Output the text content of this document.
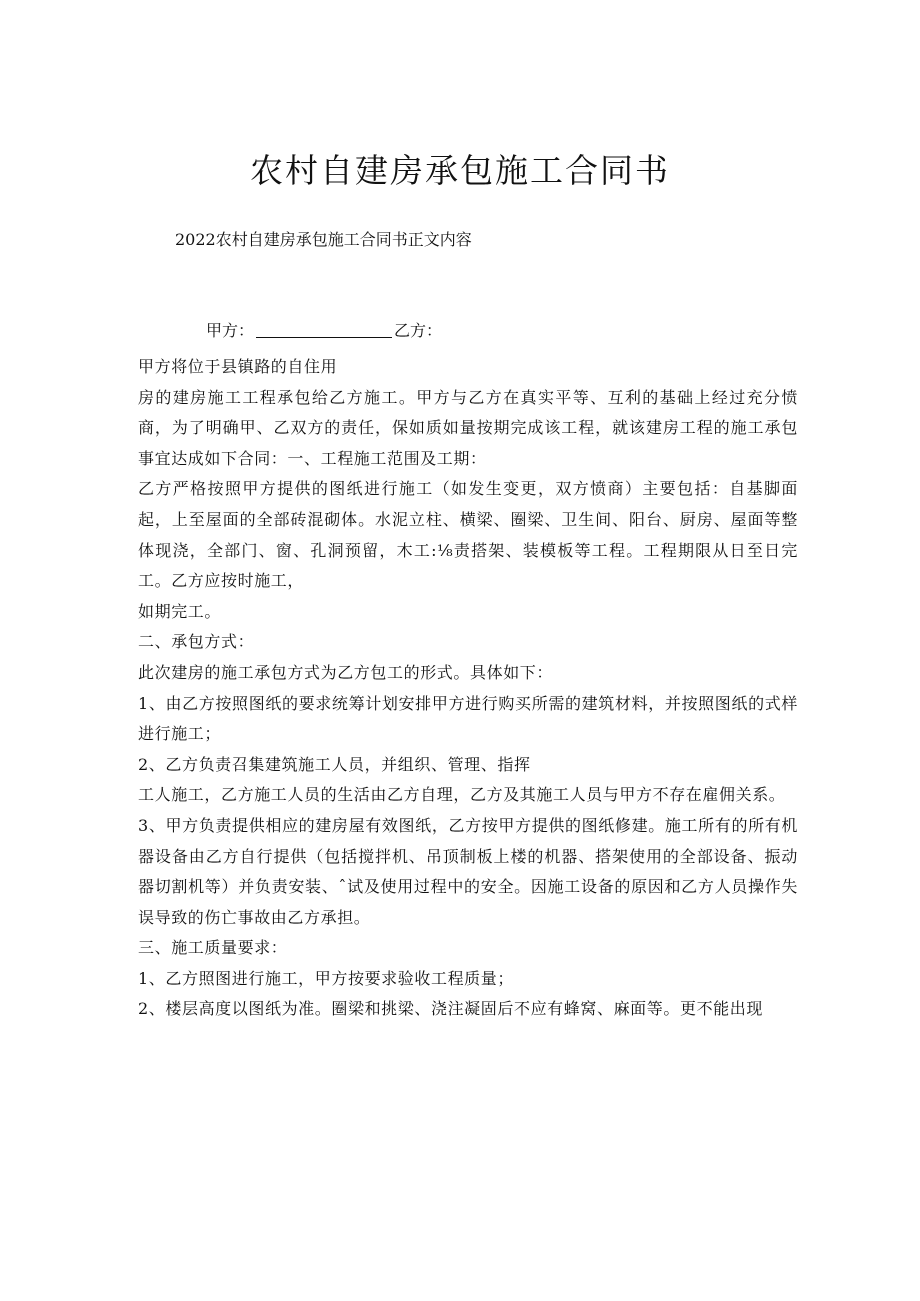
农村自建房承包施工合同书
2022农村自建房承包施工合同书正文内容
甲方：	乙方：

甲方将位于县镇路的自住用

房的建房施工工程承包给乙方施工。甲方与乙方在真实平等、互利的基础上经过充分愤商，为了明确甲、乙双方的责任，保如质如量按期完成该工程，就该建房工程的施工承包事宜达成如下合同：一、工程施工范围及工期：

乙方严格按照甲方提供的图纸进行施工（如发生变更，双方愤商）主要包括：自基脚面起，上至屋面的全部砖混砌体。水泥立柱、横梁、圈梁、卫生间、阳台、厨房、屋面等整体现浇，全部门、窗、孔洞预留，木工:⅛责搭架、装模板等工程。工程期限从日至日完工。乙方应按时施工，

如期完工。

二、承包方式：

此次建房的施工承包方式为乙方包工的形式。具体如下：

1、由乙方按照图纸的要求统筹计划安排甲方进行购买所需的建筑材料，并按照图纸的式样进行施工；

2、乙方负责召集建筑施工人员，并组织、管理、指挥

工人施工，乙方施工人员的生活由乙方自理，乙方及其施工人员与甲方不存在雇佣关系。

3、甲方负责提供相应的建房屋有效图纸，乙方按甲方提供的图纸修建。施工所有的所有机器设备由乙方自行提供（包括搅拌机、吊顶制板上楼的机器、搭架使用的全部设备、振动器切割机等）并负责安装、ˆ试及使用过程中的安全。因施工设备的原因和乙方人员操作失误导致的伤亡事故由乙方承担。

三、施工质量要求：

1、乙方照图进行施工，甲方按要求验收工程质量；

2、楼层高度以图纸为准。圈梁和挑梁、浇注凝固后不应有蜂窝、麻面等。更不能出现
